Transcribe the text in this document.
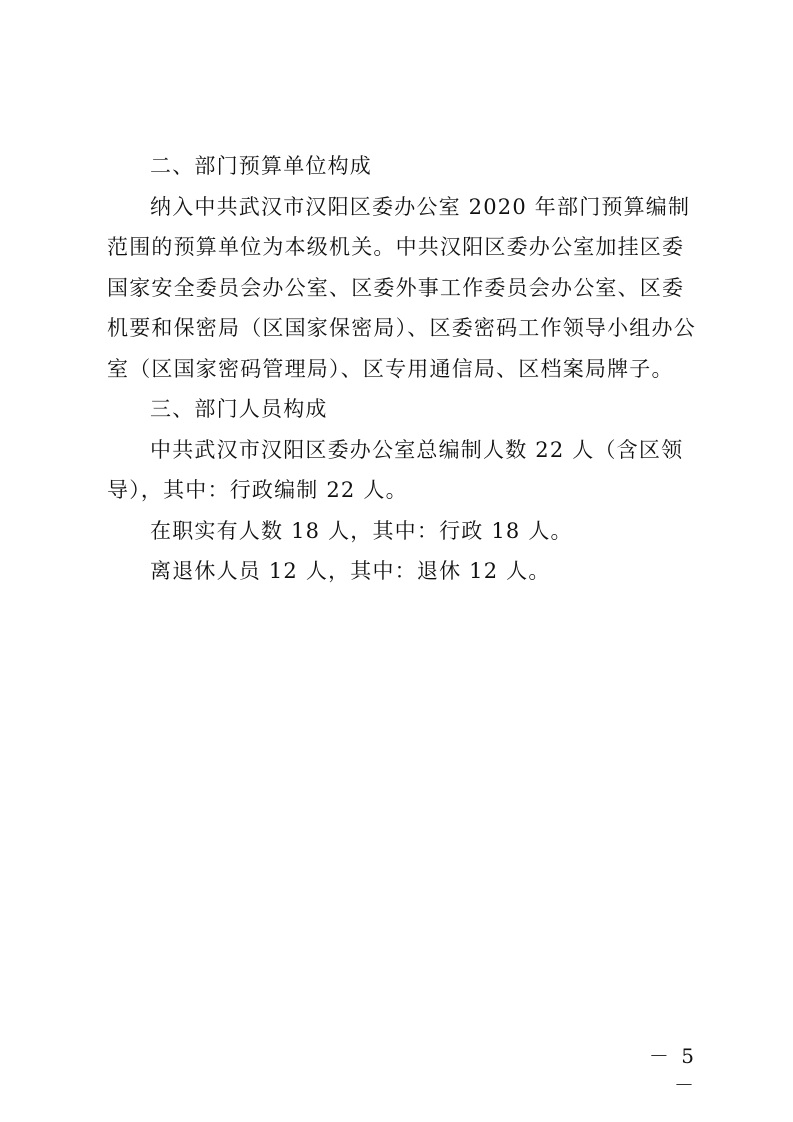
二、部门预算单位构成

纳入中共武汉市汉阳区委办公室 2020 年部门预算编制范围的预算单位为本级机关。中共汉阳区委办公室加挂区委国家安全委员会办公室、区委外事工作委员会办公室、区委机要和保密局（区国家保密局）、区委密码工作领导小组办公室（区国家密码管理局）、区专用通信局、区档案局牌子。

三、部门人员构成

中共武汉市汉阳区委办公室总编制人数 22 人（含区领导），其中：行政编制 22 人。

在职实有人数 18 人，其中：行政 18 人。

离退休人员 12 人，其中：退休 12 人。

－ 5 －
